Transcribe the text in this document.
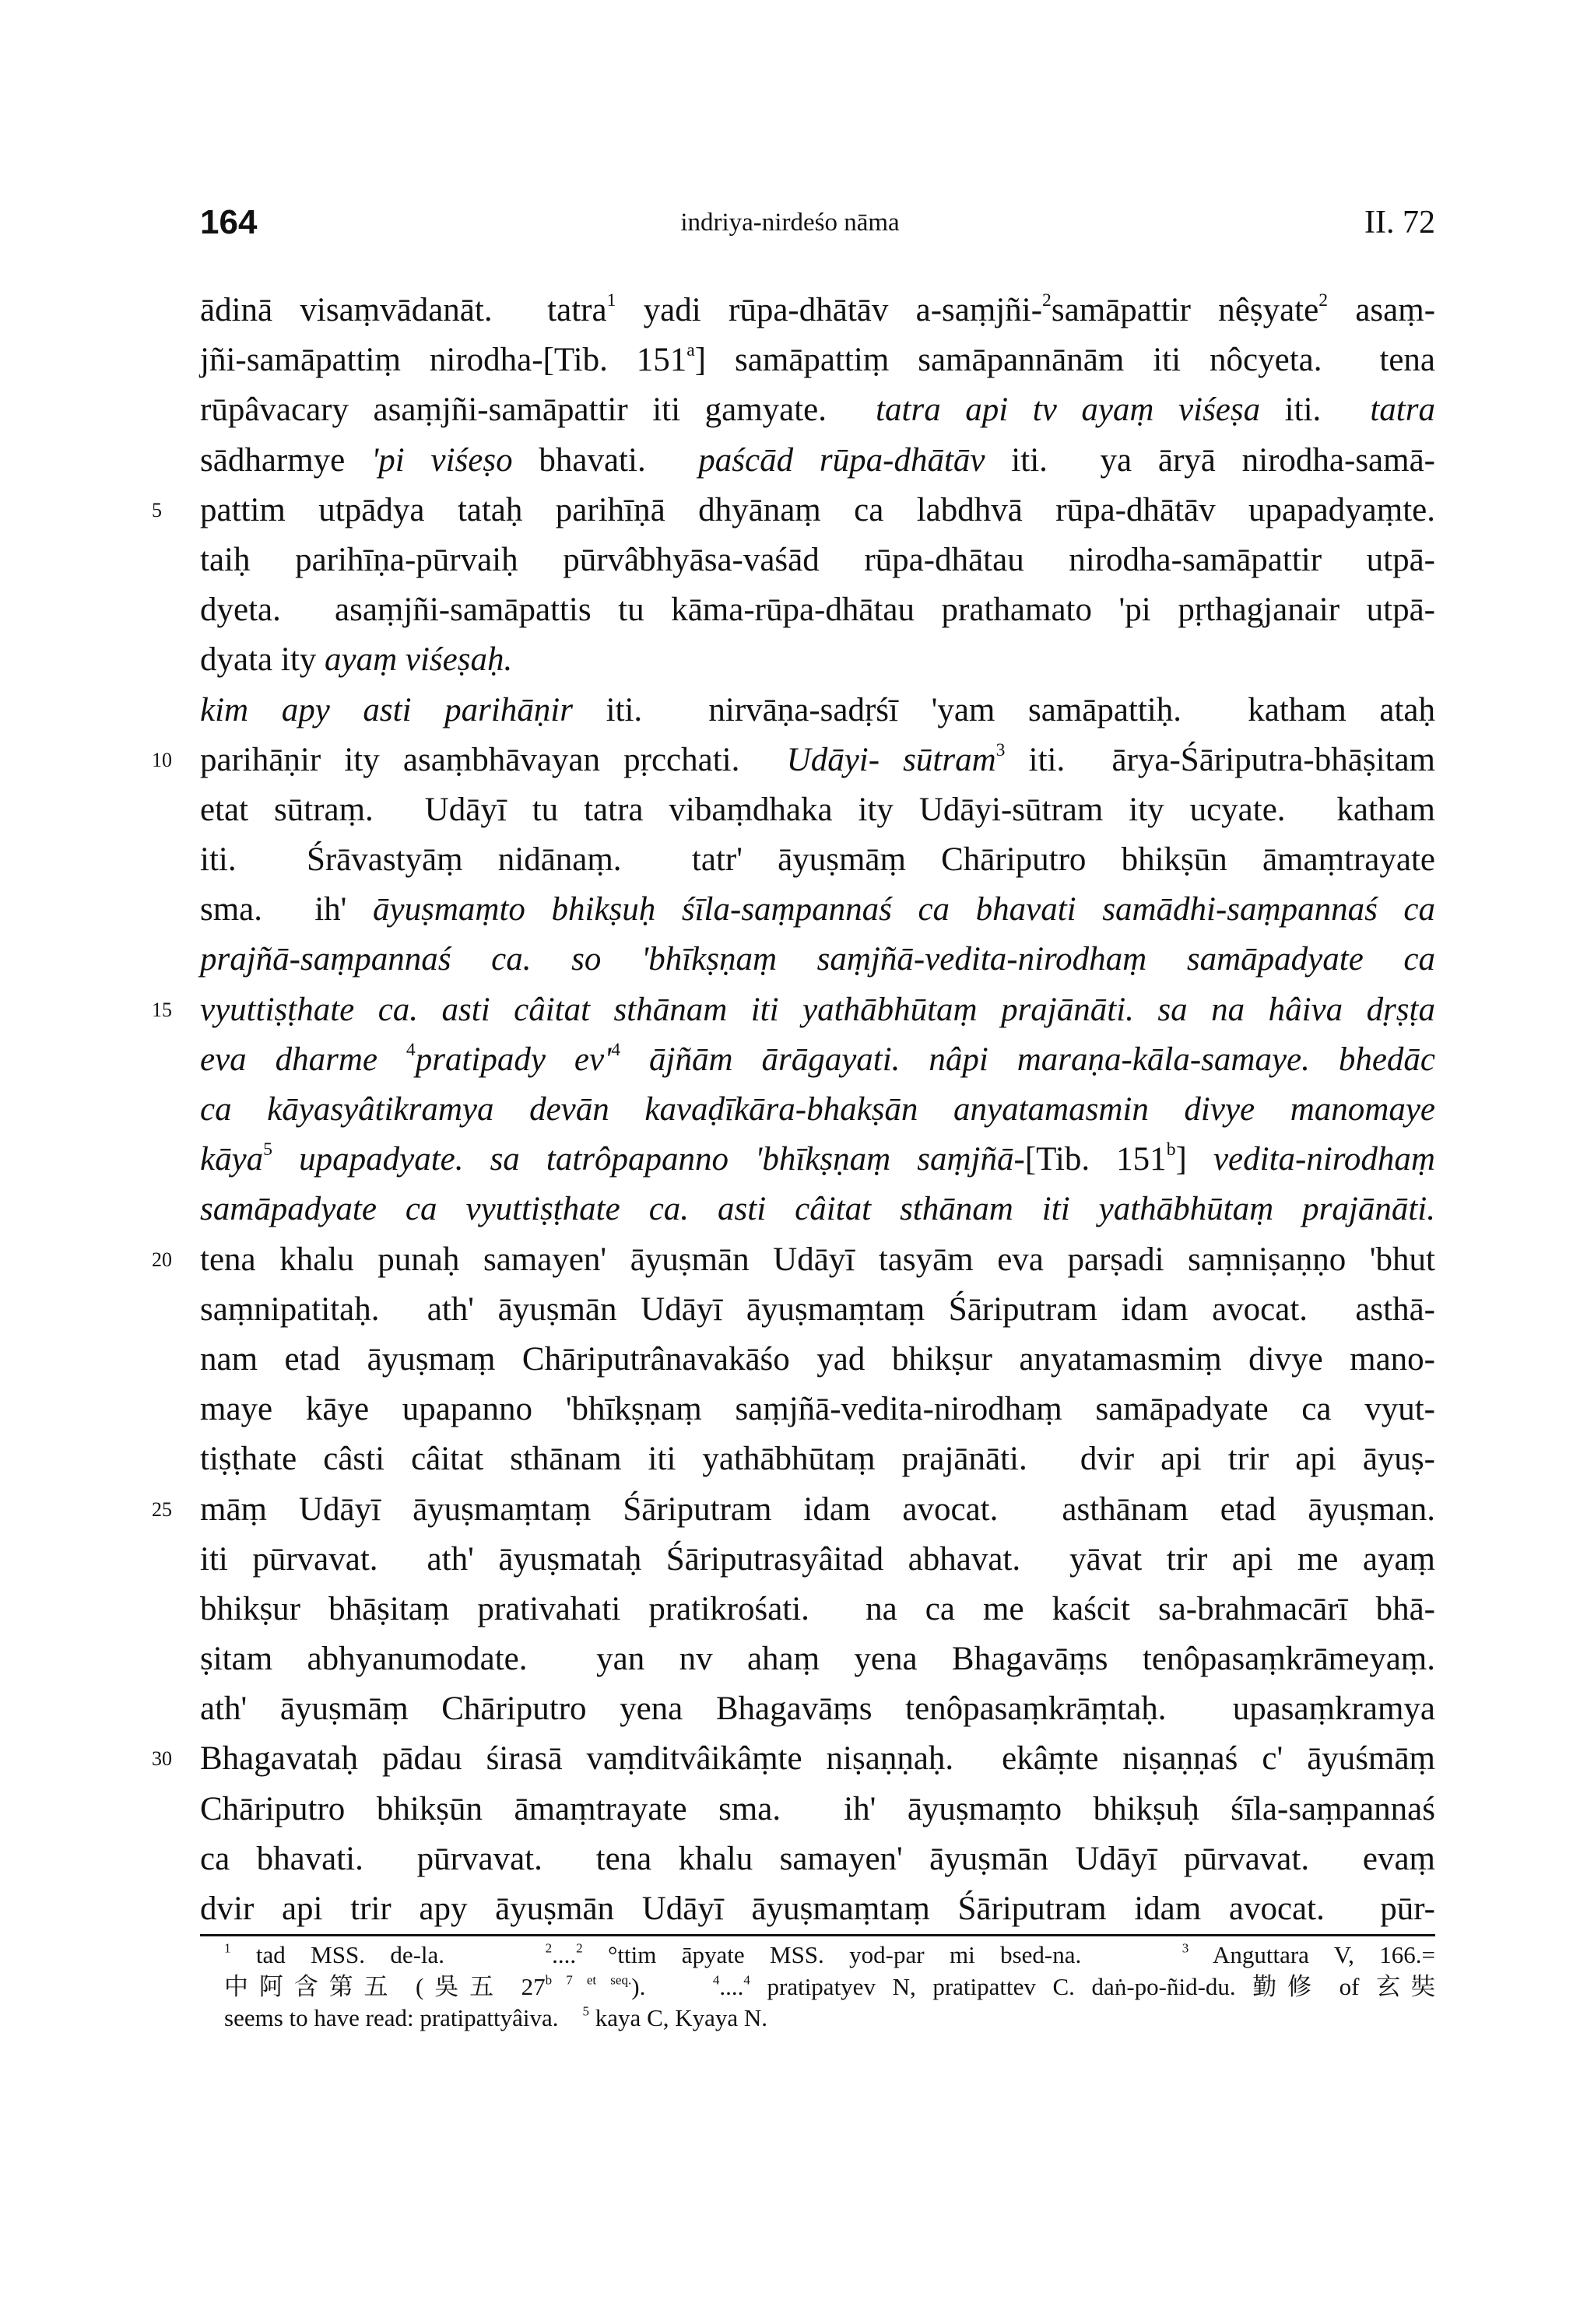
164	indriya-nirdeśo nāma	II. 72
ādinā visaṃvādanāt.  tatra$^1$ yadi rūpa-dhātāv a-saṃjñi-$^2$samāpattir nêṣyate$^2$ asaṃ-
jñi-samāpattiṃ nirodha-[Tib. 151$^a$] samāpattiṃ samāpannānām iti nôcyeta.  tena
rūpâvacary asaṃjñi-samāpattir iti gamyate.  tatra api tv ayaṃ viśeṣa iti.  tatra
sādharmye 'pi viśeṣo bhavati.  paścād rūpa-dhātāv iti.  ya āryā nirodha-samā-
5	pattim utpādya tataḥ parihīṇā dhyānaṃ ca labdhvā rūpa-dhātāv upapadyaṃte.
taiḥ parihīṇa-pūrvaiḥ pūrvâbhyāsa-vaśād rūpa-dhātau nirodha-samāpattir utpā-
dyeta.  asaṃjñi-samāpattis tu kāma-rūpa-dhātau prathamato 'pi pṛthagjanair utpā-
dyata ity ayaṃ viśeṣaḥ.
kim apy asti parihāṇir iti.  nirvāṇa-sadṛśī 'yam samāpattiḥ.  katham ataḥ
10 parihāṇir ity asaṃbhāvayan pṛcchati.  Udāyi- sūtram$^3$ iti.  ārya-Śāriputra-bhāṣitam
etat sūtraṃ.  Udāyī tu tatra vibaṃdhaka ity Udāyi-sūtram ity ucyate.  katham
iti.  Śrāvastyāṃ nidānaṃ.  tatr' āyuṣmāṃ Chāriputro bhikṣūn āmaṃtrayate
sma.  ih' āyuṣmaṃto bhikṣuḥ śīla-saṃpannaś ca bhavati samādhi-saṃpannaś ca
prajñā-saṃpannaś ca. so 'bhīkṣṇaṃ saṃjñā-vedita-nirodhaṃ samāpadyate ca
15 vyuttiṣṭhate ca. asti câitat sthānam iti yathābhūtaṃ prajānāti. sa na hâiva dṛṣṭa
eva dharme $^4$pratipady $ev'^4$ ājñām ārāgayati. nâpi maraṇa-kāla-samaye. bhedāc
ca kāyasyâtikramya devān kavaḍīkāra-bhakṣān anyatamasmin divye manomaye
kāya$^5$ upapadyate. sa tatrôpapanno 'bhīkṣṇaṃ saṃjñā-[Tib. 151$^b$] vedita-nirodhaṃ
samāpadyate ca vyuttiṣṭhate ca. asti câitat sthānam iti yathābhūtaṃ prajānāti.
20 tena khalu punaḥ samayen' āyuṣmān Udāyī tasyām eva parṣadi saṃniṣaṇṇo 'bhut
saṃnipatitaḥ.  ath' āyuṣmān Udāyī āyuṣmaṃtaṃ Śāriputram idam avocat.  asthā-
nam etad āyuṣmaṃ Chāriputrânavakāśo yad bhikṣur anyatamasmiṃ divye mano-
maye kāye upapanno 'bhīkṣṇaṃ saṃjñā-vedita-nirodhaṃ samāpadyate ca vyut-
tiṣṭhate câsti câitat sthānam iti yathābhūtaṃ prajānāti.  dvir api trir api āyuṣ-
25 māṃ Udāyī āyuṣmaṃtaṃ Śāriputram idam avocat.  asthānam etad āyuṣman.
iti pūrvavat.  ath' āyuṣmataḥ Śāriputrasyâitad abhavat.  yāvat trir api me ayaṃ
bhikṣur bhāṣitaṃ prativahati pratikrośati.  na ca me kaścit sa-brahmacārī bhā-
ṣitam abhyanumodate.  yan nv ahaṃ yena Bhagavāṃs tenôpasaṃkrāmeyaṃ.
ath' āyuṣmāṃ Chāriputro yena Bhagavāṃs tenôpasaṃkrāṃtaḥ.  upasaṃkramya
30 Bhagavataḥ pādau śirasā vaṃditvâikâṃte niṣaṇṇaḥ.  ekâṃte niṣaṇṇaś c' āyuśmāṃ
Chāriputro bhikṣūn āmaṃtrayate sma.  ih' āyuṣmaṃto bhikṣuḥ śīla-saṃpannaś
ca bhavati.  pūrvavat.  tena khalu samayen' āyuṣmān Udāyī pūrvavat.  evaṃ
dvir api trir apy āyuṣmān Udāyī āyuṣmaṃtaṃ Śāriputram idam avocat.  pūr-
$^1$ tad MSS. de-la.    $^2$....$^2$ °ttim āpyate MSS. yod-par mi bsed-na.    $^3$ Anguttara V, 166.=
中阿含第五 (吳五 $27^{b 7 et seq.}$).    $^4$....$^4$ pratipatyev N, pratipattev C. daṅ-po-ñid-du. 勤修 of 玄奘
seems to have read: pratipattyâiva.    $^5$ kaya C, Kyaya N.
